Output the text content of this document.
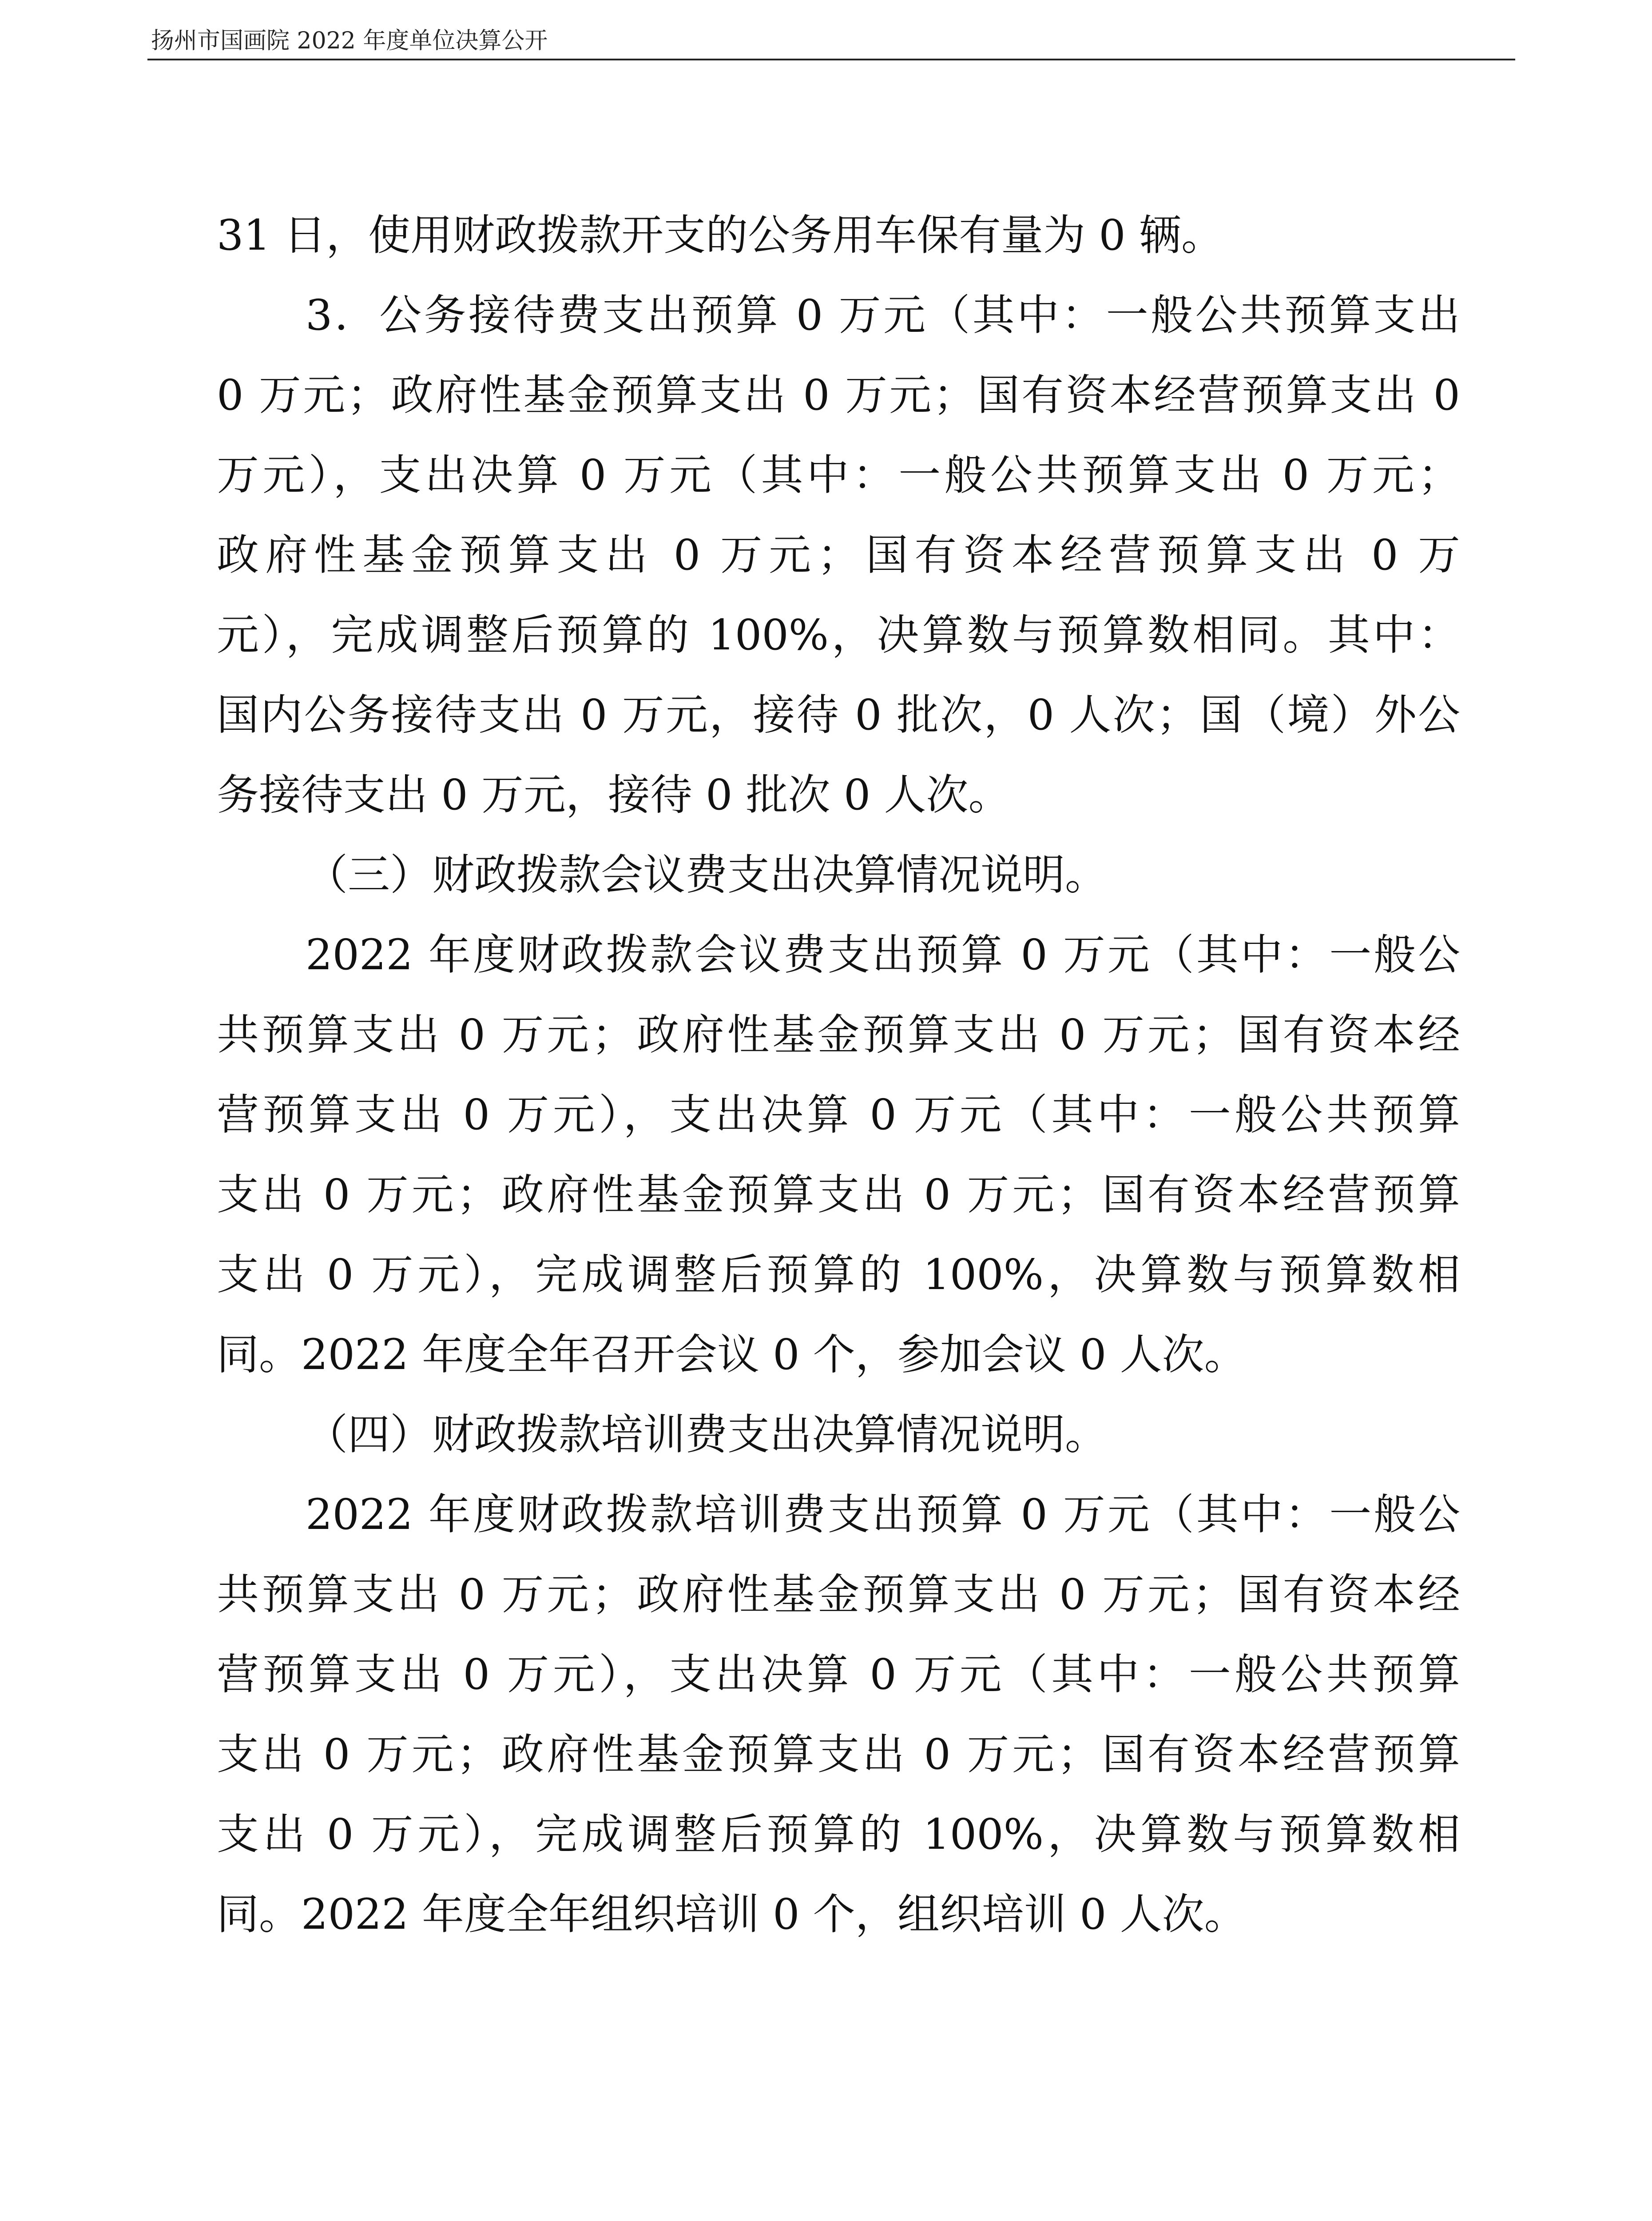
扬州市国画院 2022 年度单位决算公开
31 日，使用财政拨款开支的公务用车保有量为 0 辆。
3．公务接待费支出预算 0 万元（其中：一般公共预算支出
0 万元；政府性基金预算支出 0 万元；国有资本经营预算支出 0
万元），支出决算 0 万元（其中：一般公共预算支出 0 万元；
政府性基金预算支出 0 万元；国有资本经营预算支出 0 万
元），完成调整后预算的 100%，决算数与预算数相同。其中：
国内公务接待支出 0 万元，接待 0 批次，0 人次；国（境）外公
务接待支出 0 万元，接待 0 批次 0 人次。
（三）财政拨款会议费支出决算情况说明。
2022 年度财政拨款会议费支出预算 0 万元（其中：一般公
共预算支出 0 万元；政府性基金预算支出 0 万元；国有资本经
营预算支出 0 万元），支出决算 0 万元（其中：一般公共预算
支出 0 万元；政府性基金预算支出 0 万元；国有资本经营预算
支出 0 万元），完成调整后预算的 100%，决算数与预算数相
同。2022 年度全年召开会议 0 个，参加会议 0 人次。
（四）财政拨款培训费支出决算情况说明。
2022 年度财政拨款培训费支出预算 0 万元（其中：一般公
共预算支出 0 万元；政府性基金预算支出 0 万元；国有资本经
营预算支出 0 万元），支出决算 0 万元（其中：一般公共预算
支出 0 万元；政府性基金预算支出 0 万元；国有资本经营预算
支出 0 万元），完成调整后预算的 100%，决算数与预算数相
同。2022 年度全年组织培训 0 个，组织培训 0 人次。
